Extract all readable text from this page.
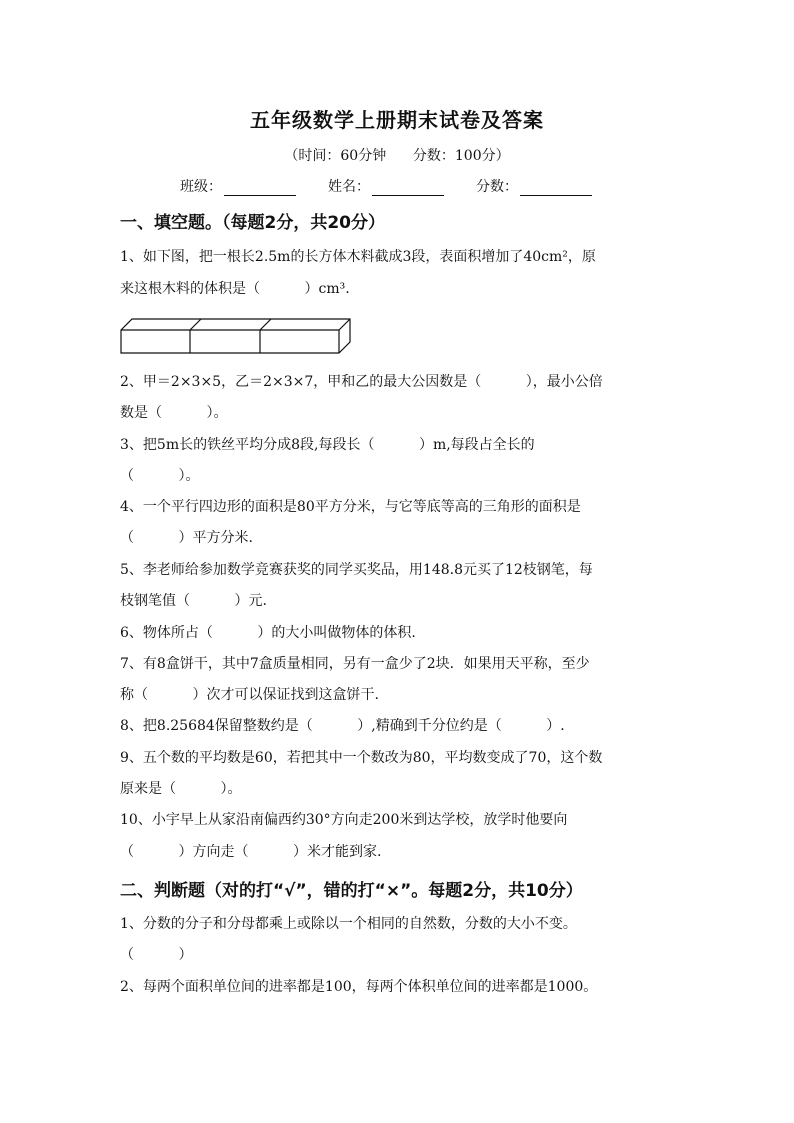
五年级数学上册期末试卷及答案
（时间：60分钟      分数：100分）
班级：	姓名：	分数：
一、填空题。（每题2分，共20分）
1、如下图，把一根长2.5m的长方体木料截成3段，表面积增加了40cm²，原
来这根木料的体积是（          ）cm³.
2、甲＝2×3×5，乙＝2×3×7，甲和乙的最大公因数是（          ），最小公倍
数是（          ）。
3、把5m长的铁丝平均分成8段,每段长（          ）m,每段占全长的
（          ）。
4、一个平行四边形的面积是80平方分米，与它等底等高的三角形的面积是
（          ）平方分米.
5、李老师给参加数学竞赛获奖的同学买奖品，用148.8元买了12枝钢笔，每
枝钢笔值（          ）元.
6、物体所占（          ）的大小叫做物体的体积.
7、有8盒饼干，其中7盒质量相同，另有一盒少了2块．如果用天平称，至少
称（          ）次才可以保证找到这盒饼干.
8、把8.25684保留整数约是（          ）,精确到千分位约是（          ）.
9、五个数的平均数是60，若把其中一个数改为80，平均数变成了70，这个数
原来是（          ）。
10、小宇早上从家沿南偏西约30°方向走200米到达学校，放学时他要向
（          ）方向走（          ）米才能到家.
二、判断题（对的打“√”，错的打“×”。每题2分，共10分）
1、分数的分子和分母都乘上或除以一个相同的自然数，分数的大小不变。
（          ）
2、每两个面积单位间的进率都是100，每两个体积单位间的进率都是1000。
